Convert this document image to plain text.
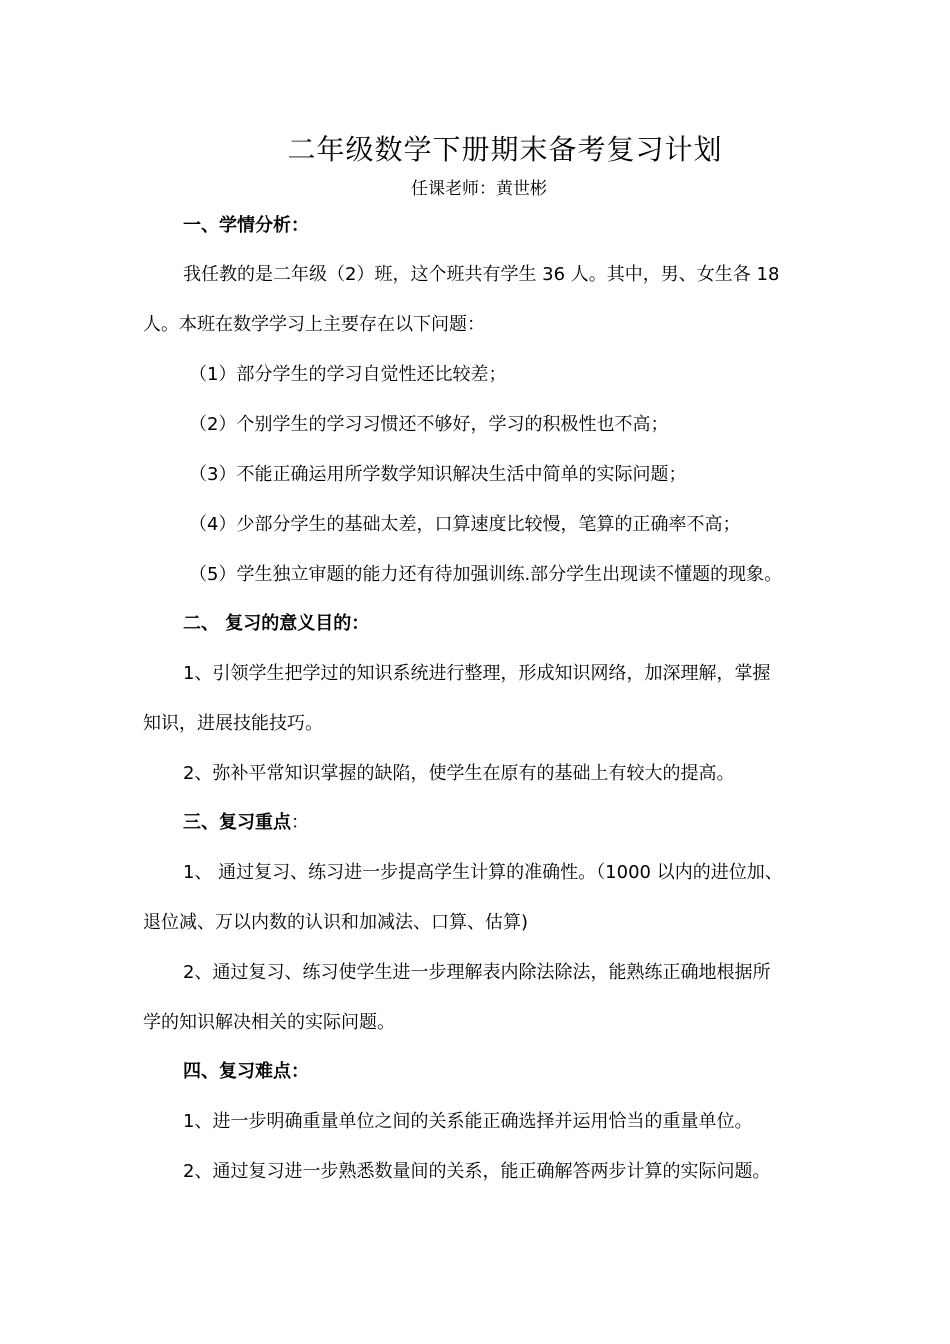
二年级数学下册期末备考复习计划
任课老师：黄世彬
一、学情分析：
我任教的是二年级（2）班，这个班共有学生 36 人。其中，男、女生各 18
人。本班在数学学习上主要存在以下问题：
（1）部分学生的学习自觉性还比较差；
（2）个别学生的学习习惯还不够好，学习的积极性也不高；
（3）不能正确运用所学数学知识解决生活中简单的实际问题；
（4）少部分学生的基础太差，口算速度比较慢，笔算的正确率不高；
（5）学生独立审题的能力还有待加强训练.部分学生出现读不懂题的现象。
二、 复习的意义目的：
1、引领学生把学过的知识系统进行整理，形成知识网络，加深理解，掌握
知识，进展技能技巧。
2、弥补平常知识掌握的缺陷，使学生在原有的基础上有较大的提高。
三、复习重点：
1、 通过复习、练习进一步提高学生计算的准确性。（1000 以内的进位加、
退位减、万以内数的认识和加减法、口算、估算)
2、通过复习、练习使学生进一步理解表内除法除法，能熟练正确地根据所
学的知识解决相关的实际问题。
四、复习难点：
1、进一步明确重量单位之间的关系能正确选择并运用恰当的重量单位。
2、通过复习进一步熟悉数量间的关系，能正确解答两步计算的实际问题。
